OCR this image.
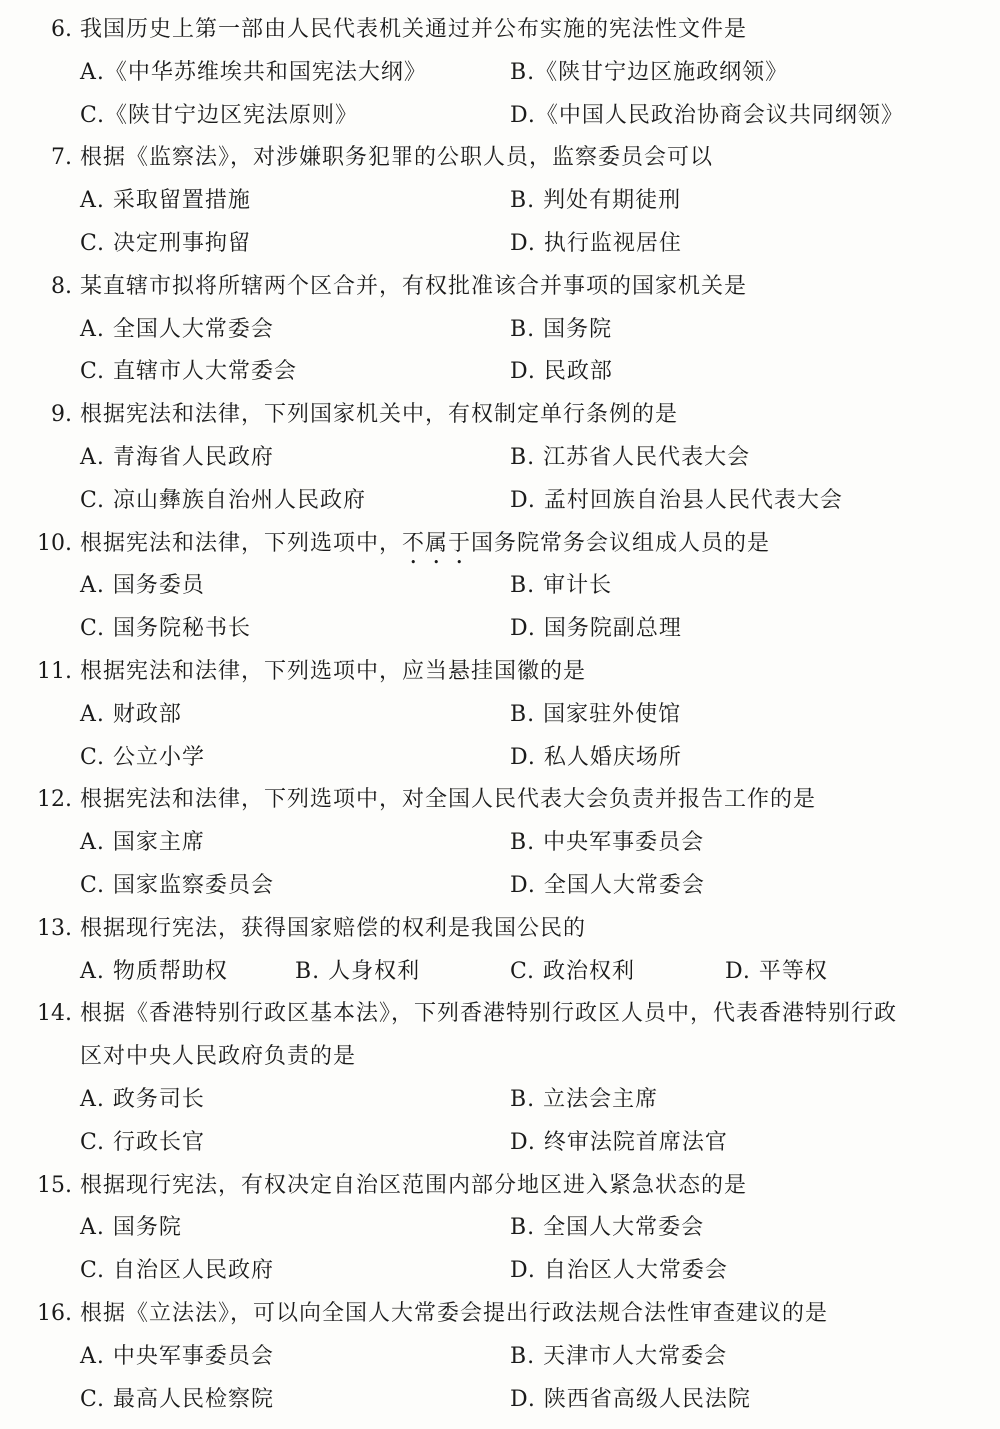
6. 我国历史上第一部由人民代表机关通过并公布实施的宪法性文件是
A.《中华苏维埃共和国宪法大纲》	B.《陕甘宁边区施政纲领》
C.《陕甘宁边区宪法原则》	D.《中国人民政治协商会议共同纲领》
7. 根据《监察法》，对涉嫌职务犯罪的公职人员，监察委员会可以
A. 采取留置措施	B. 判处有期徒刑
C. 决定刑事拘留	D. 执行监视居住
8. 某直辖市拟将所辖两个区合并，有权批准该合并事项的国家机关是
A. 全国人大常委会	B. 国务院
C. 直辖市人大常委会	D. 民政部
9. 根据宪法和法律，下列国家机关中，有权制定单行条例的是
A. 青海省人民政府	B. 江苏省人民代表大会
C. 凉山彝族自治州人民政府	D. 孟村回族自治县人民代表大会
10. 根据宪法和法律，下列选项中，不属于国务院常务会议组成人员的是
A. 国务委员	B. 审计长
C. 国务院秘书长	D. 国务院副总理
11. 根据宪法和法律，下列选项中，应当悬挂国徽的是
A. 财政部	B. 国家驻外使馆
C. 公立小学	D. 私人婚庆场所
12. 根据宪法和法律，下列选项中，对全国人民代表大会负责并报告工作的是
A. 国家主席	B. 中央军事委员会
C. 国家监察委员会	D. 全国人大常委会
13. 根据现行宪法，获得国家赔偿的权利是我国公民的
A. 物质帮助权	B. 人身权利	C. 政治权利	D. 平等权
14. 根据《香港特别行政区基本法》，下列香港特别行政区人员中，代表香港特别行政
区对中央人民政府负责的是
A. 政务司长	B. 立法会主席
C. 行政长官	D. 终审法院首席法官
15. 根据现行宪法，有权决定自治区范围内部分地区进入紧急状态的是
A. 国务院	B. 全国人大常委会
C. 自治区人民政府	D. 自治区人大常委会
16. 根据《立法法》，可以向全国人大常委会提出行政法规合法性审查建议的是
A. 中央军事委员会	B. 天津市人大常委会
C. 最高人民检察院	D. 陕西省高级人民法院
